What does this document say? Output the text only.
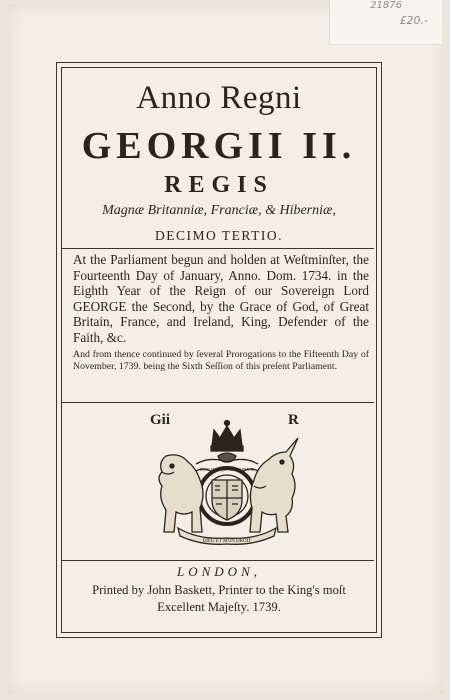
21876
£20.-
Anno Regni
GEORGII II.
REGIS
Magnæ Britanniæ, Franciæ, & Hiberniæ,
DECIMO TERTIO.

At the Parliament begun and holden at Weſtminſter, the Fourteenth Day of January, Anno. Dom. 1734. in the Eighth Year of the Reign of our Sovereign Lord GEORGE the Second, by the Grace of God, of Great Britain, France, and Ireland, King, Defender of the Faith, &c.

And from thence continued by ſeveral Prorogations to the Fifteenth Day of November, 1739. being the Sixth Seſſion of this preſent Parliament.

Gii	R
DIEU ET MON DROIT
HONI SOIT QUI MAL Y PENSE
LONDON,
Printed by John Baskett, Printer to the King's moſt
Excellent Majeſty. 1739.
